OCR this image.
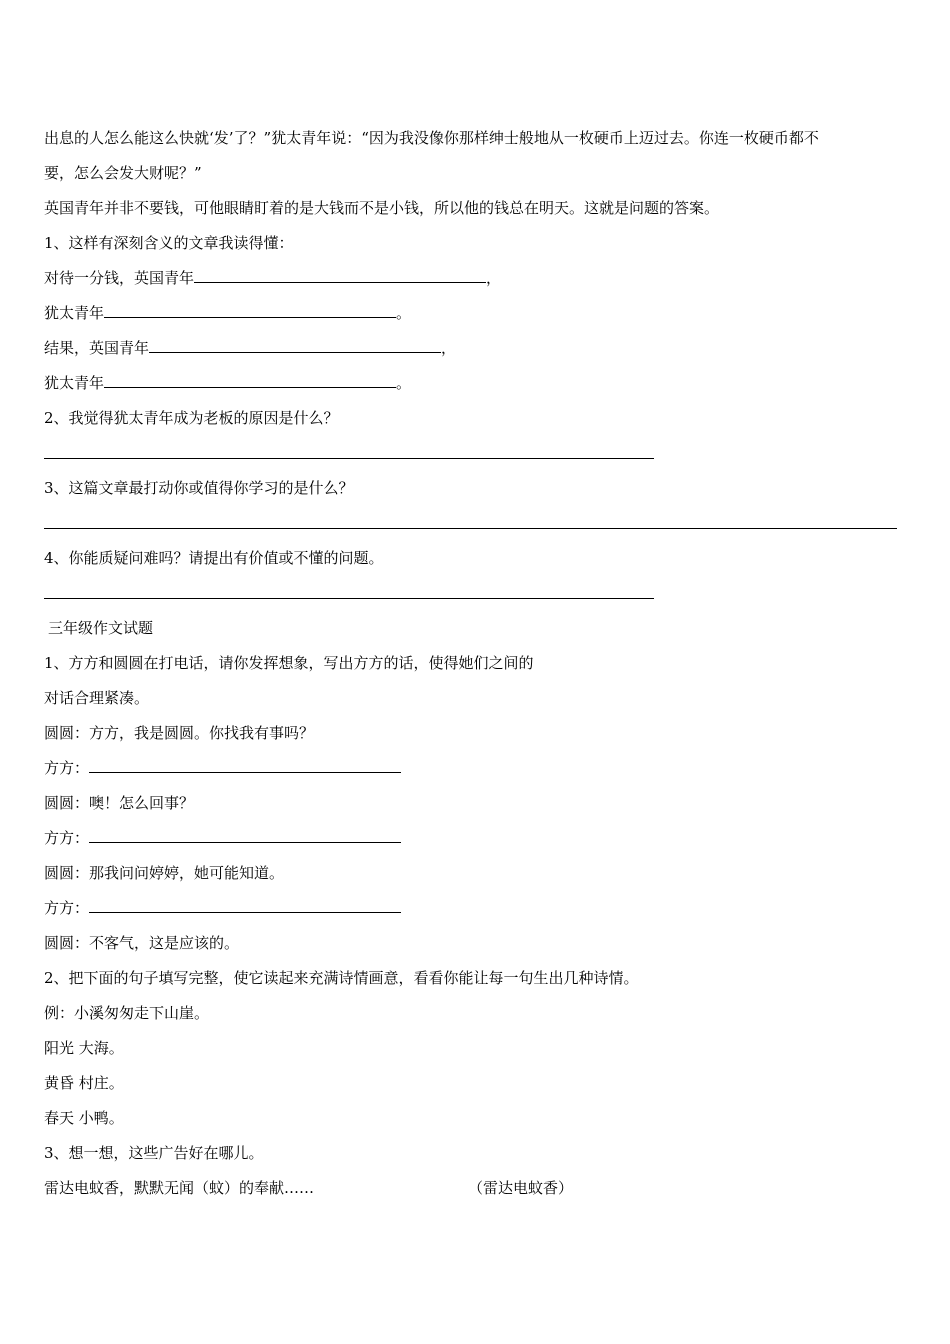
出息的人怎么能这么快就‘发’了？”犹太青年说：“因为我没像你那样绅士般地从一枚硬币上迈过去。你连一枚硬币都不
要，怎么会发大财呢？”
英国青年并非不要钱，可他眼睛盯着的是大钱而不是小钱，所以他的钱总在明天。这就是问题的答案。
1、这样有深刻含义的文章我读得懂：
对待一分钱，英国青年	，
犹太青年	。
结果，英国青年	，
犹太青年	。
2、我觉得犹太青年成为老板的原因是什么？
3、这篇文章最打动你或值得你学习的是什么？
4、你能质疑问难吗？请提出有价值或不懂的问题。
三年级作文试题
1、方方和圆圆在打电话，请你发挥想象，写出方方的话，使得她们之间的
对话合理紧凑。
圆圆：方方，我是圆圆。你找我有事吗？
方方：
圆圆：噢！怎么回事？
方方：
圆圆：那我问问婷婷，她可能知道。
方方：
圆圆：不客气，这是应该的。
2、把下面的句子填写完整，使它读起来充满诗情画意，看看你能让每一句生出几种诗情。
例：小溪匆匆走下山崖。
阳光 大海。
黄昏 村庄。
春天 小鸭。
3、想一想，这些广告好在哪儿。
雷达电蚊香，默默无闻（蚊）的奉献……	（雷达电蚊香）
